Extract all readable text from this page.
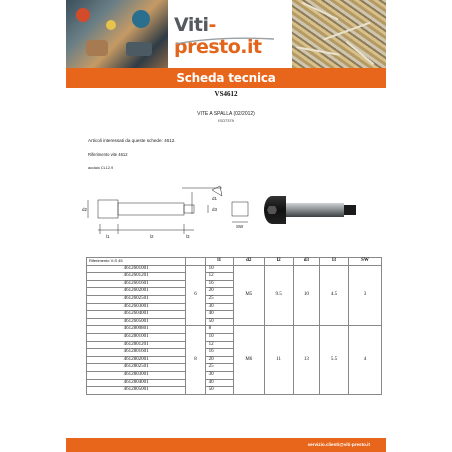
Viti-presto.it
Scheda tecnica
VS4612
VITE A SPALLA (02/2012)
ISO7379
Articoli interessati da queste schede: 4612.
Riferimento vite 4612
acciaio CL12.9
d1
d2	d3
l1	l2	l3
SW
Riferimento V-S 45		l1	d2	l2	d3	l3	SW
4612601001	6	10	M5	9.5	10	4.5	3
4612601201		12					
4612601601		16					
4612602001		20					
4612602501		25					
4612603001		30					
4612604001		40					
4612605001		50					
4612800801	8	8	M6	11	13	5.5	4
4612801001		10					
4612801201		12					
4612801601		16					
4612802001		20					
4612802501		25					
4612803001		30					
4612804001		40					
4612805001		50					
servizio.clienti@viti-presto.it
